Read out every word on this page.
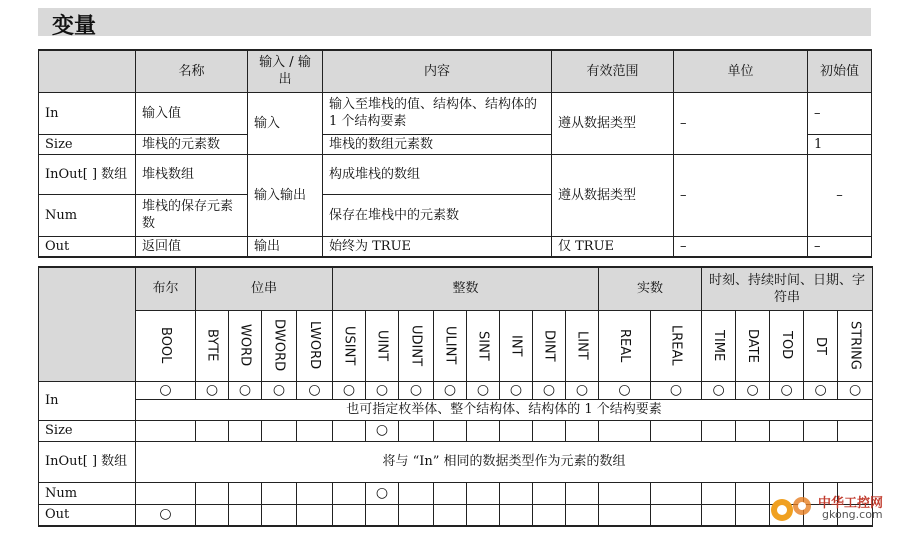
变量
	名称	输入 / 输出	内容	有效范围	单位	初始值
In	输入值	输入	输入至堆栈的值、结构体、结构体的 1 个结构要素	遵从数据类型	–	–
Size	堆栈的元素数		堆栈的数组元素数			1
InOut[ ] 数组	堆栈数组	输入输出	构成堆栈的数组	遵从数据类型	–	–
Num	堆栈的保存元素数		保存在堆栈中的元素数			
Out	返回值	输出	始终为 TRUE	仅 TRUE	–	–
	布尔	位串				整数								实数		时刻、持续时间、日期、字符串				
	BOOL	BYTE	WORD	DWORD	LWORD	USINT	UINT	UDINT	ULINT	SINT	INT	DINT	LINT	REAL	LREAL	TIME	DATE	TOD	DT	STRING
In	○	○	○	○	○	○	○	○	○	○	○	○	○	○	○	○	○	○	○	○
	也可指定枚举体、整个结构体、结构体的 1 个结构要素																			
Size							○													
InOut[ ] 数组	将与 “In” 相同的数据类型作为元素的数组																			
Num							○													
Out	○																			
中华工控网
gkong.com
